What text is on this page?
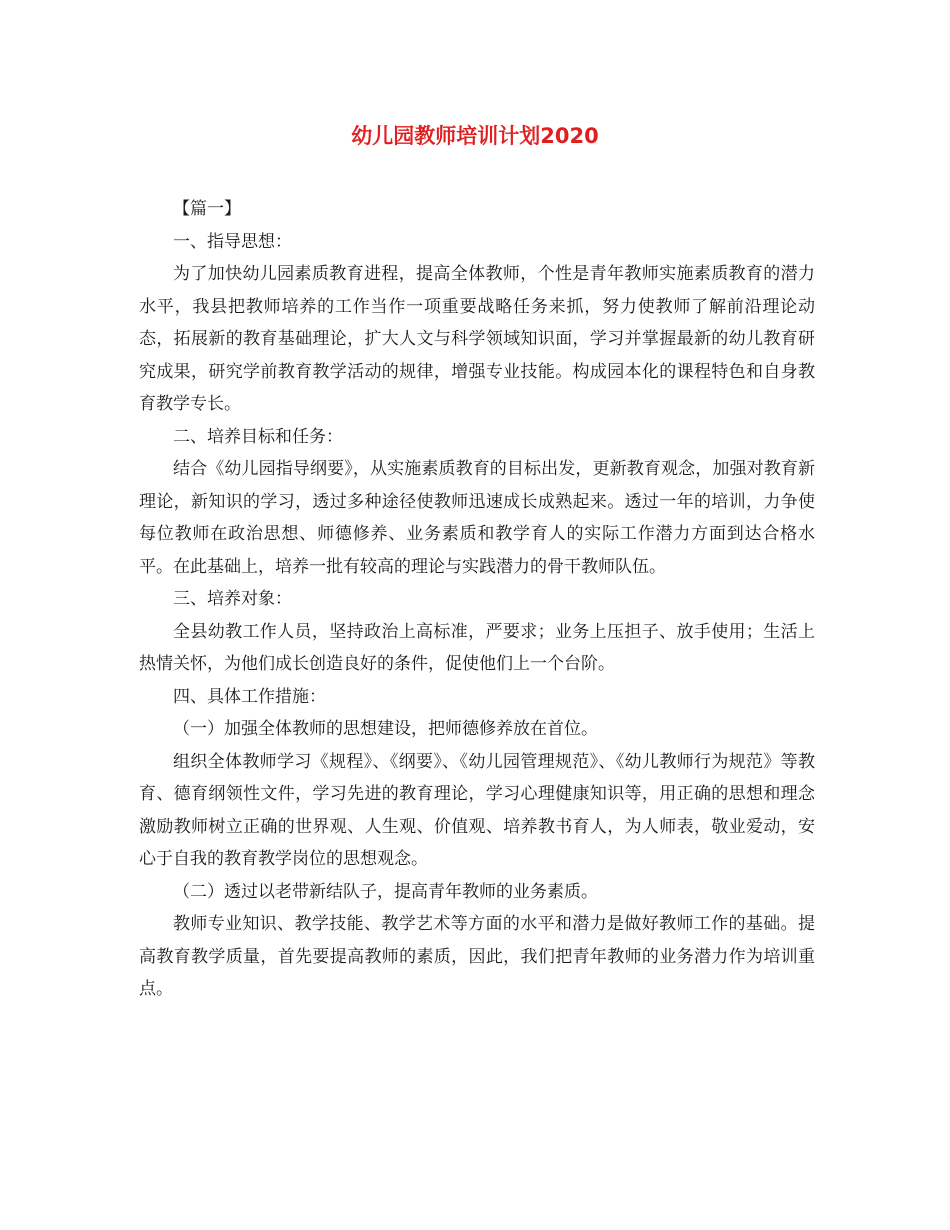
幼儿园教师培训计划2020

【篇一】

一、指导思想：

为了加快幼儿园素质教育进程，提高全体教师，个性是青年教师实施素质教育的潜力水平，我县把教师培养的工作当作一项重要战略任务来抓，努力使教师了解前沿理论动态，拓展新的教育基础理论，扩大人文与科学领域知识面，学习并掌握最新的幼儿教育研究成果，研究学前教育教学活动的规律，增强专业技能。构成园本化的课程特色和自身教育教学专长。

二、培养目标和任务：

结合《幼儿园指导纲要》，从实施素质教育的目标出发，更新教育观念，加强对教育新理论，新知识的学习，透过多种途径使教师迅速成长成熟起来。透过一年的培训，力争使每位教师在政治思想、师德修养、业务素质和教学育人的实际工作潜力方面到达合格水平。在此基础上，培养一批有较高的理论与实践潜力的骨干教师队伍。

三、培养对象：

全县幼教工作人员，坚持政治上高标准，严要求；业务上压担子、放手使用；生活上热情关怀，为他们成长创造良好的条件，促使他们上一个台阶。

四、具体工作措施：

（一）加强全体教师的思想建设，把师德修养放在首位。

组织全体教师学习《规程》、《纲要》、《幼儿园管理规范》、《幼儿教师行为规范》等教育、德育纲领性文件，学习先进的教育理论，学习心理健康知识等，用正确的思想和理念激励教师树立正确的世界观、人生观、价值观、培养教书育人，为人师表，敬业爱动，安心于自我的教育教学岗位的思想观念。

（二）透过以老带新结队子，提高青年教师的业务素质。

教师专业知识、教学技能、教学艺术等方面的水平和潜力是做好教师工作的基础。提高教育教学质量，首先要提高教师的素质，因此，我们把青年教师的业务潜力作为培训重点。
